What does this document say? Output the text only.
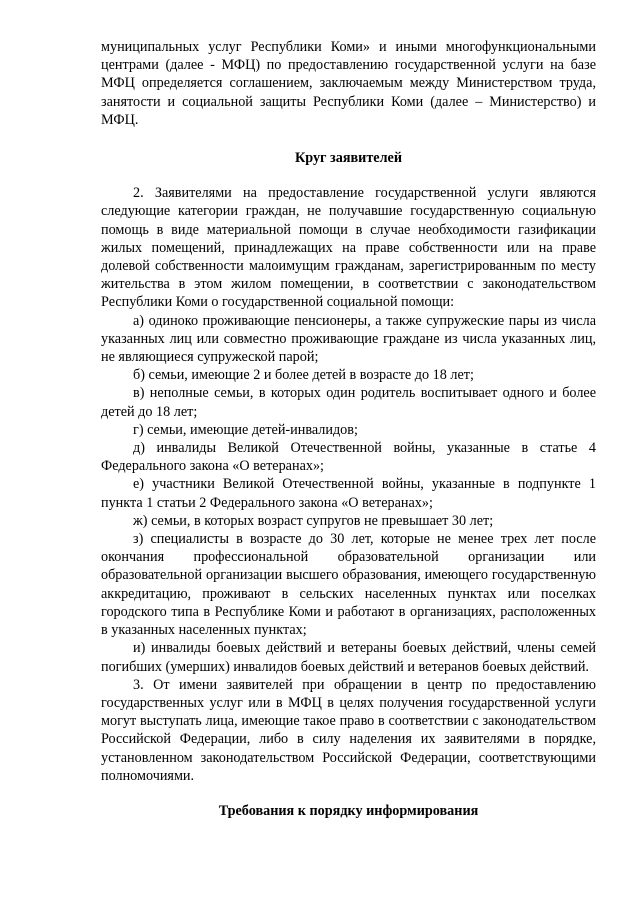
муниципальных услуг Республики Коми» и иными многофункциональными центрами (далее - МФЦ) по предоставлению государственной услуги на базе МФЦ определяется соглашением, заключаемым между Министерством труда, занятости и социальной защиты Республики Коми (далее – Министерство) и МФЦ.

Круг заявителей

2. Заявителями на предоставление государственной услуги являются следующие категории граждан, не получавшие государственную социальную помощь в виде материальной помощи в случае необходимости газификации жилых помещений, принадлежащих на праве собственности или на праве долевой собственности малоимущим гражданам, зарегистрированным по месту жительства в этом жилом помещении, в соответствии с законодательством Республики Коми о государственной социальной помощи:

а) одиноко проживающие пенсионеры, а также супружеские пары из числа указанных лиц или совместно проживающие граждане из числа указанных лиц, не являющиеся супружеской парой;

б) семьи, имеющие 2 и более детей в возрасте до 18 лет;

в) неполные семьи, в которых один родитель воспитывает одного и более детей до 18 лет;

г) семьи, имеющие детей-инвалидов;

д) инвалиды Великой Отечественной войны, указанные в статье 4 Федерального закона «О ветеранах»;

е) участники Великой Отечественной войны, указанные в подпункте 1 пункта 1 статьи 2 Федерального закона «О ветеранах»;

ж) семьи, в которых возраст супругов не превышает 30 лет;

з) специалисты в возрасте до 30 лет, которые не менее трех лет после окончания профессиональной образовательной организации или образовательной организации высшего образования, имеющего государственную аккредитацию, проживают в сельских населенных пунктах или поселках городского типа в Республике Коми и работают в организациях, расположенных в указанных населенных пунктах;

и) инвалиды боевых действий и ветераны боевых действий, члены семей погибших (умерших) инвалидов боевых действий и ветеранов боевых действий.

3. От имени заявителей при обращении в центр по предоставлению государственных услуг или в МФЦ в целях получения государственной услуги могут выступать лица, имеющие такое право в соответствии с законодательством Российской Федерации, либо в силу наделения их заявителями в порядке, установленном законодательством Российской Федерации, соответствующими полномочиями.

Требования к порядку информирования
